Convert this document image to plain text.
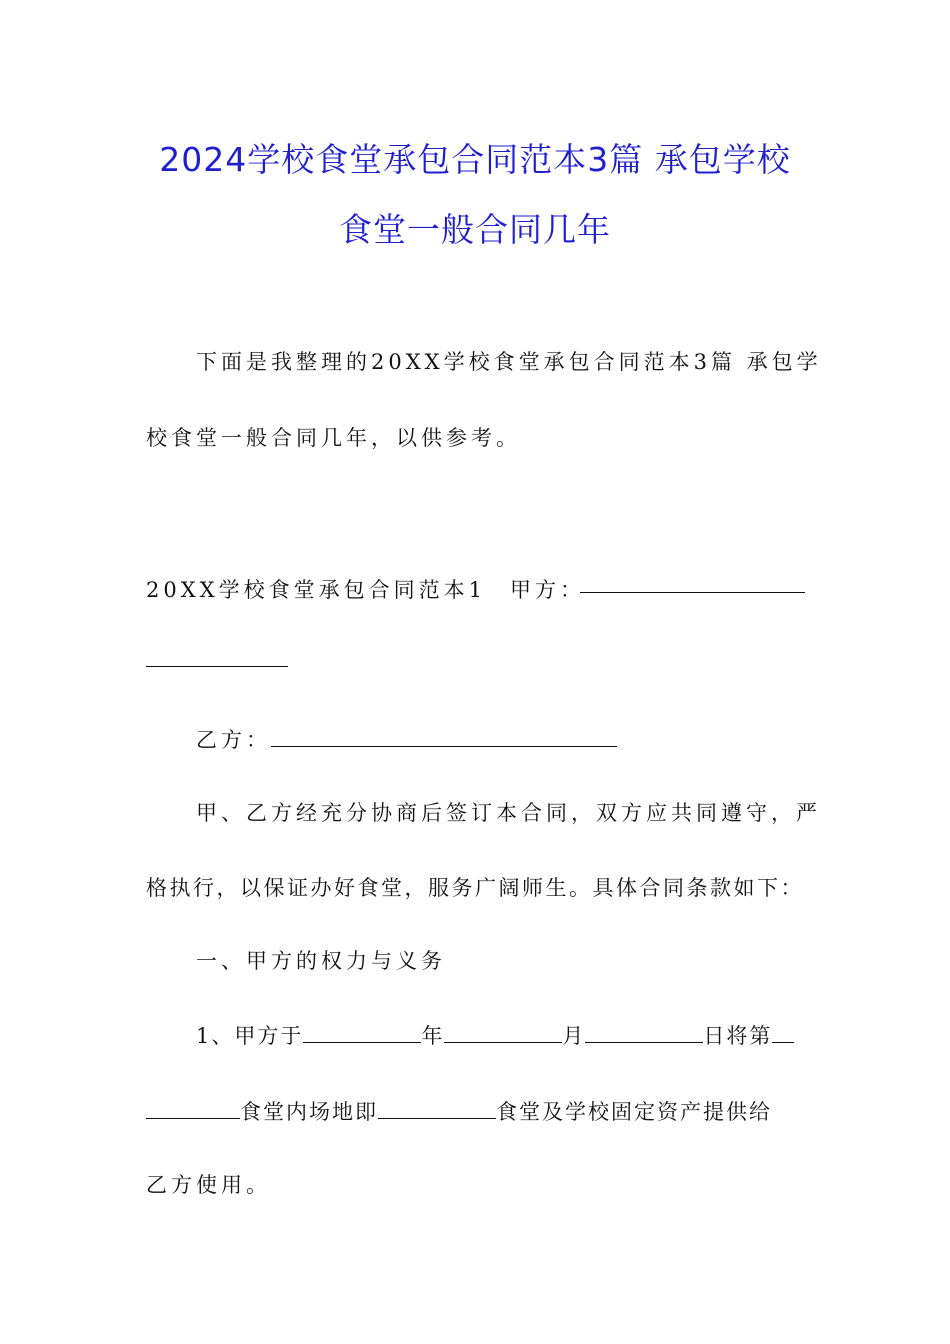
2024学校食堂承包合同范本3篇 承包学校
食堂一般合同几年
下面是我整理的20XX学校食堂承包合同范本3篇 承包学
校食堂一般合同几年，以供参考。
20XX学校食堂承包合同范本1 甲方：
乙方：
甲、乙方经充分协商后签订本合同，双方应共同遵守，严
格执行，以保证办好食堂，服务广阔师生。具体合同条款如下：
一、甲方的权力与义务
1、甲方于	年	月	日将第
食堂内场地即	食堂及学校固定资产提供给
乙方使用。
